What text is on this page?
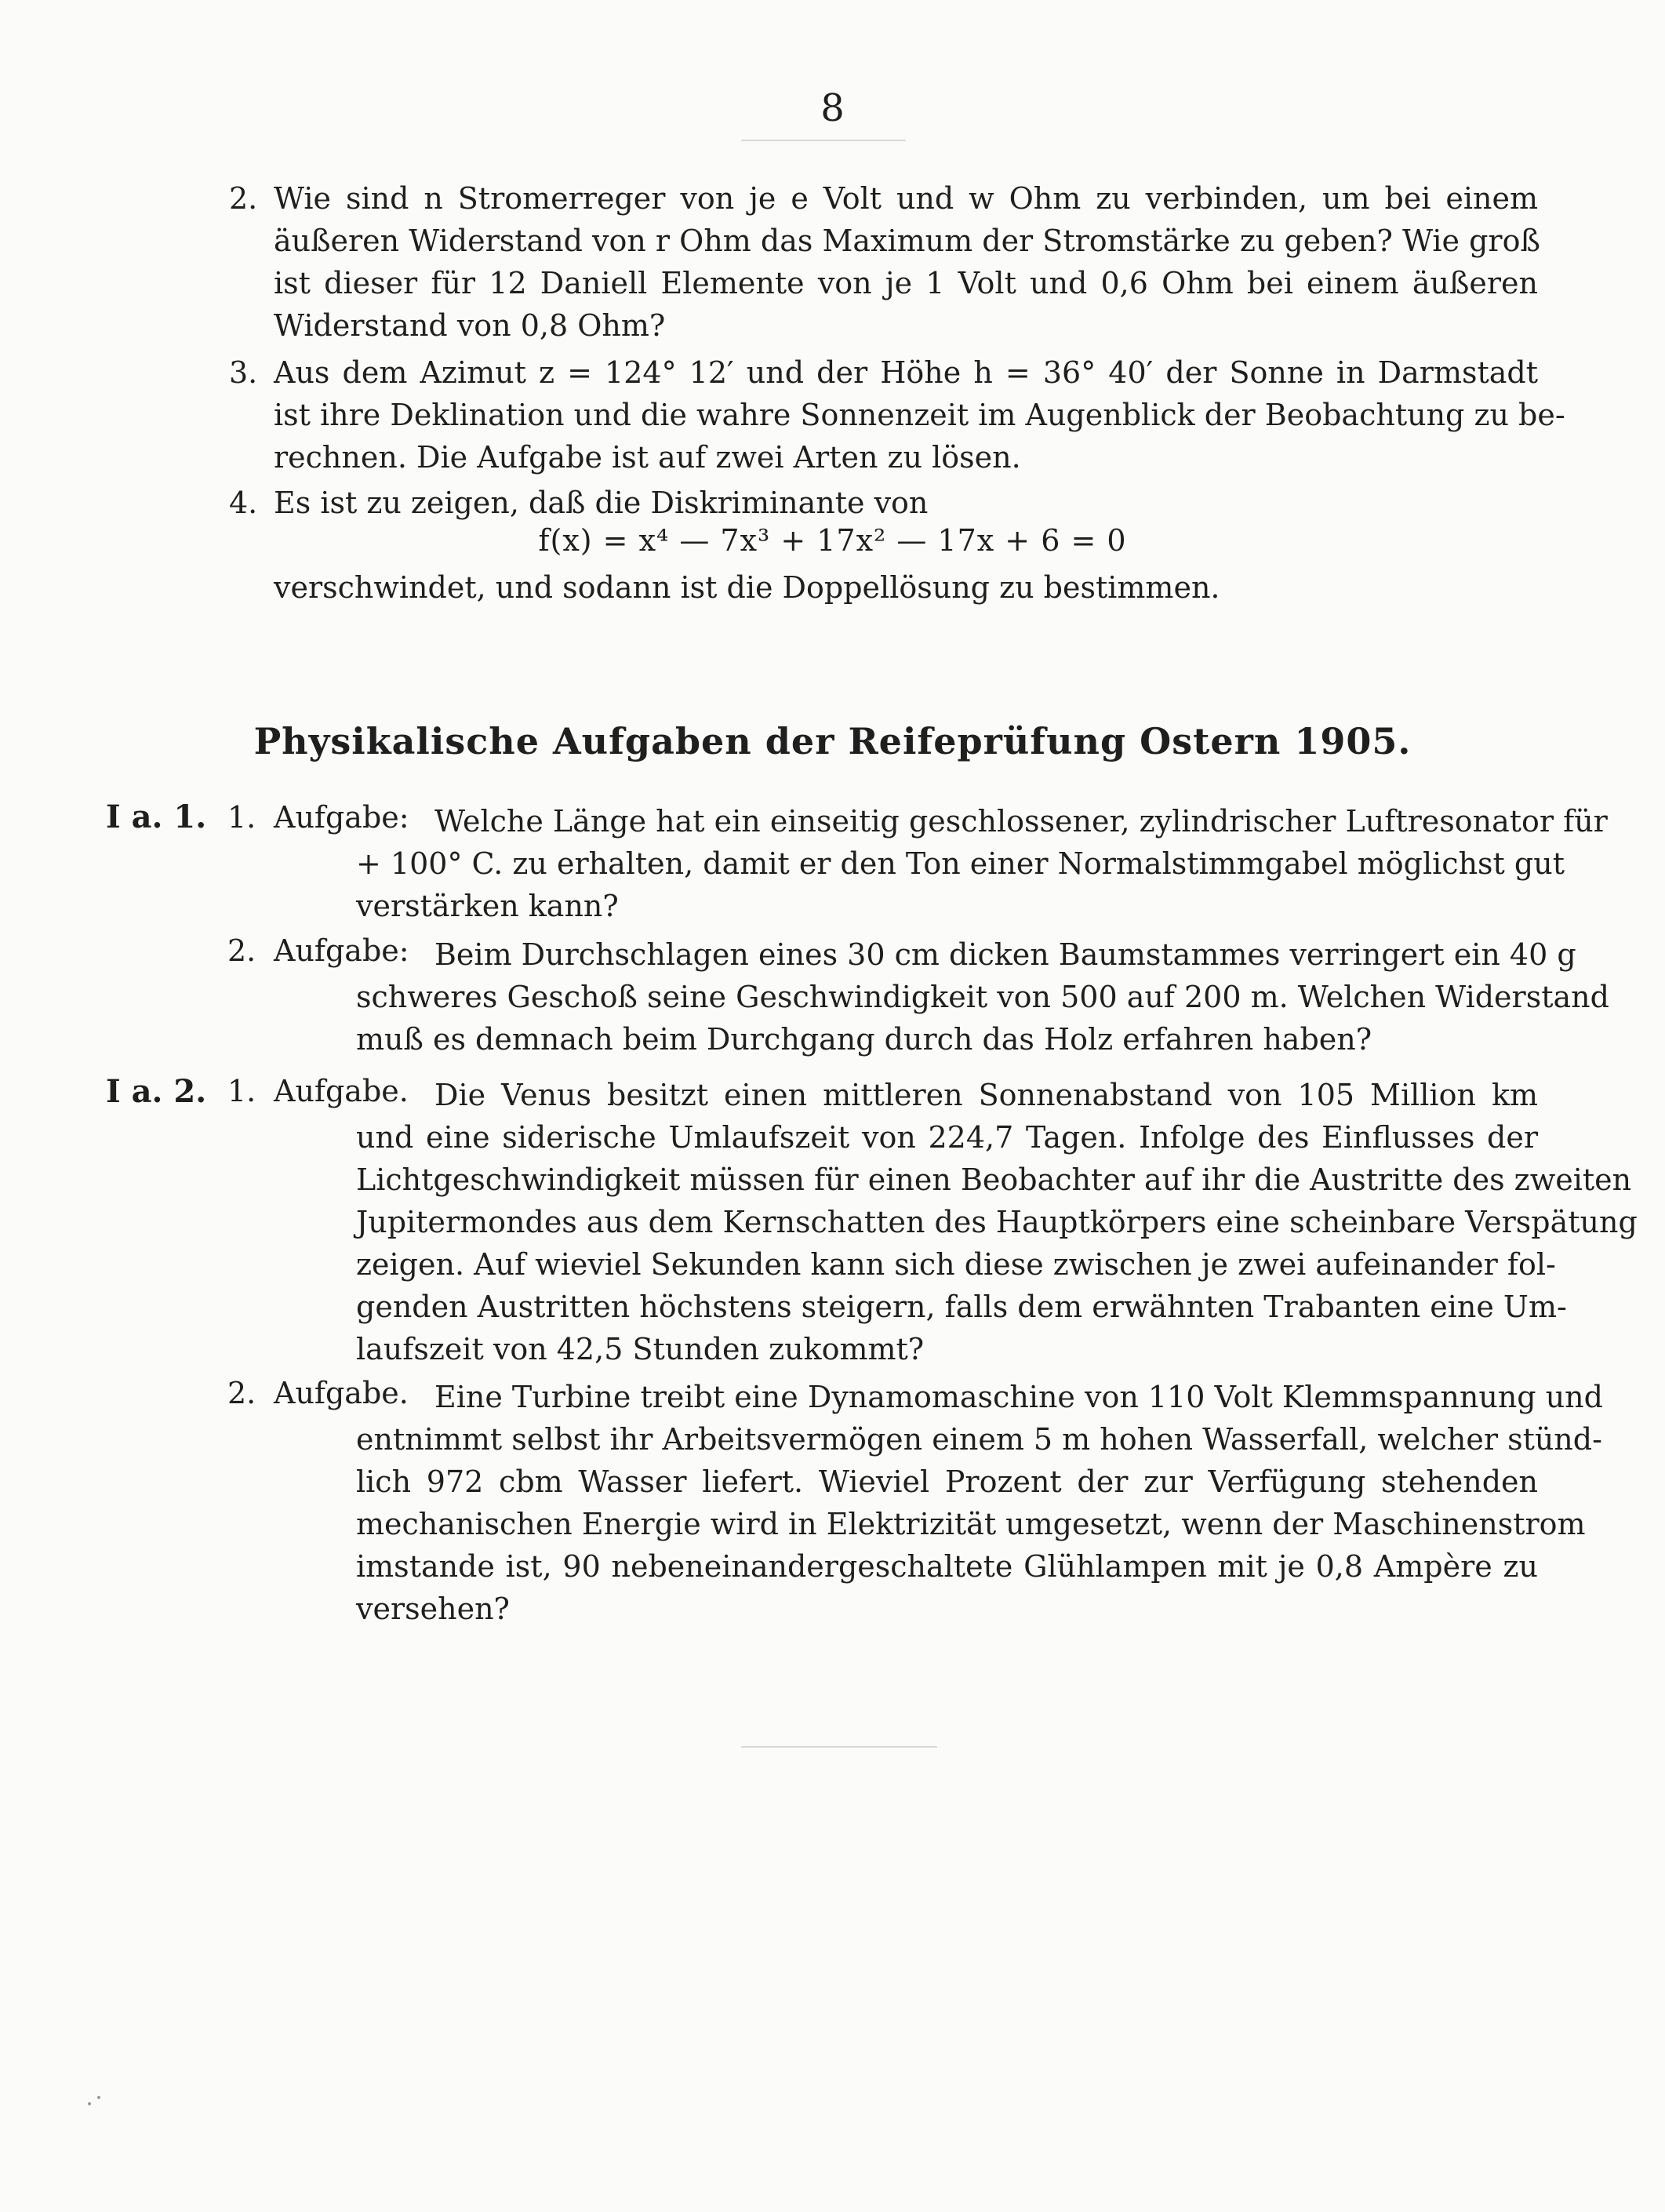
8
2. Wie sind n Stromerreger von je e Volt und w Ohm zu verbinden, um bei einem
äußeren Widerstand von r Ohm das Maximum der Stromstärke zu geben? Wie groß
ist dieser für 12 Daniell Elemente von je 1 Volt und 0,6 Ohm bei einem äußeren
Widerstand von 0,8 Ohm?
3. Aus dem Azimut z = 124° 12′ und der Höhe h = 36° 40′ der Sonne in Darmstadt
ist ihre Deklination und die wahre Sonnenzeit im Augenblick der Beobachtung zu be-
rechnen. Die Aufgabe ist auf zwei Arten zu lösen.
4. Es ist zu zeigen, daß die Diskriminante von
f(x) = x⁴ — 7x³ + 17x² — 17x + 6 = 0
verschwindet, und sodann ist die Doppellösung zu bestimmen.
Physikalische Aufgaben der Reifeprüfung Ostern 1905.
I a. 1. 1. Aufgabe: Welche Länge hat ein einseitig geschlossener, zylindrischer Luftresonator für
+ 100° C. zu erhalten, damit er den Ton einer Normalstimmgabel möglichst gut
verstärken kann?
2. Aufgabe: Beim Durchschlagen eines 30 cm dicken Baumstammes verringert ein 40 g
schweres Geschoß seine Geschwindigkeit von 500 auf 200 m. Welchen Widerstand
muß es demnach beim Durchgang durch das Holz erfahren haben?
I a. 2. 1. Aufgabe. Die Venus besitzt einen mittleren Sonnenabstand von 105 Million km
und eine siderische Umlaufszeit von 224,7 Tagen. Infolge des Einflusses der
Lichtgeschwindigkeit müssen für einen Beobachter auf ihr die Austritte des zweiten
Jupitermondes aus dem Kernschatten des Hauptkörpers eine scheinbare Verspätung
zeigen. Auf wieviel Sekunden kann sich diese zwischen je zwei aufeinander fol-
genden Austritten höchstens steigern, falls dem erwähnten Trabanten eine Um-
laufszeit von 42,5 Stunden zukommt?
2. Aufgabe. Eine Turbine treibt eine Dynamomaschine von 110 Volt Klemmspannung und
entnimmt selbst ihr Arbeitsvermögen einem 5 m hohen Wasserfall, welcher stünd-
lich 972 cbm Wasser liefert. Wieviel Prozent der zur Verfügung stehenden
mechanischen Energie wird in Elektrizität umgesetzt, wenn der Maschinenstrom
imstande ist, 90 nebeneinandergeschaltete Glühlampen mit je 0,8 Ampère zu
versehen?
